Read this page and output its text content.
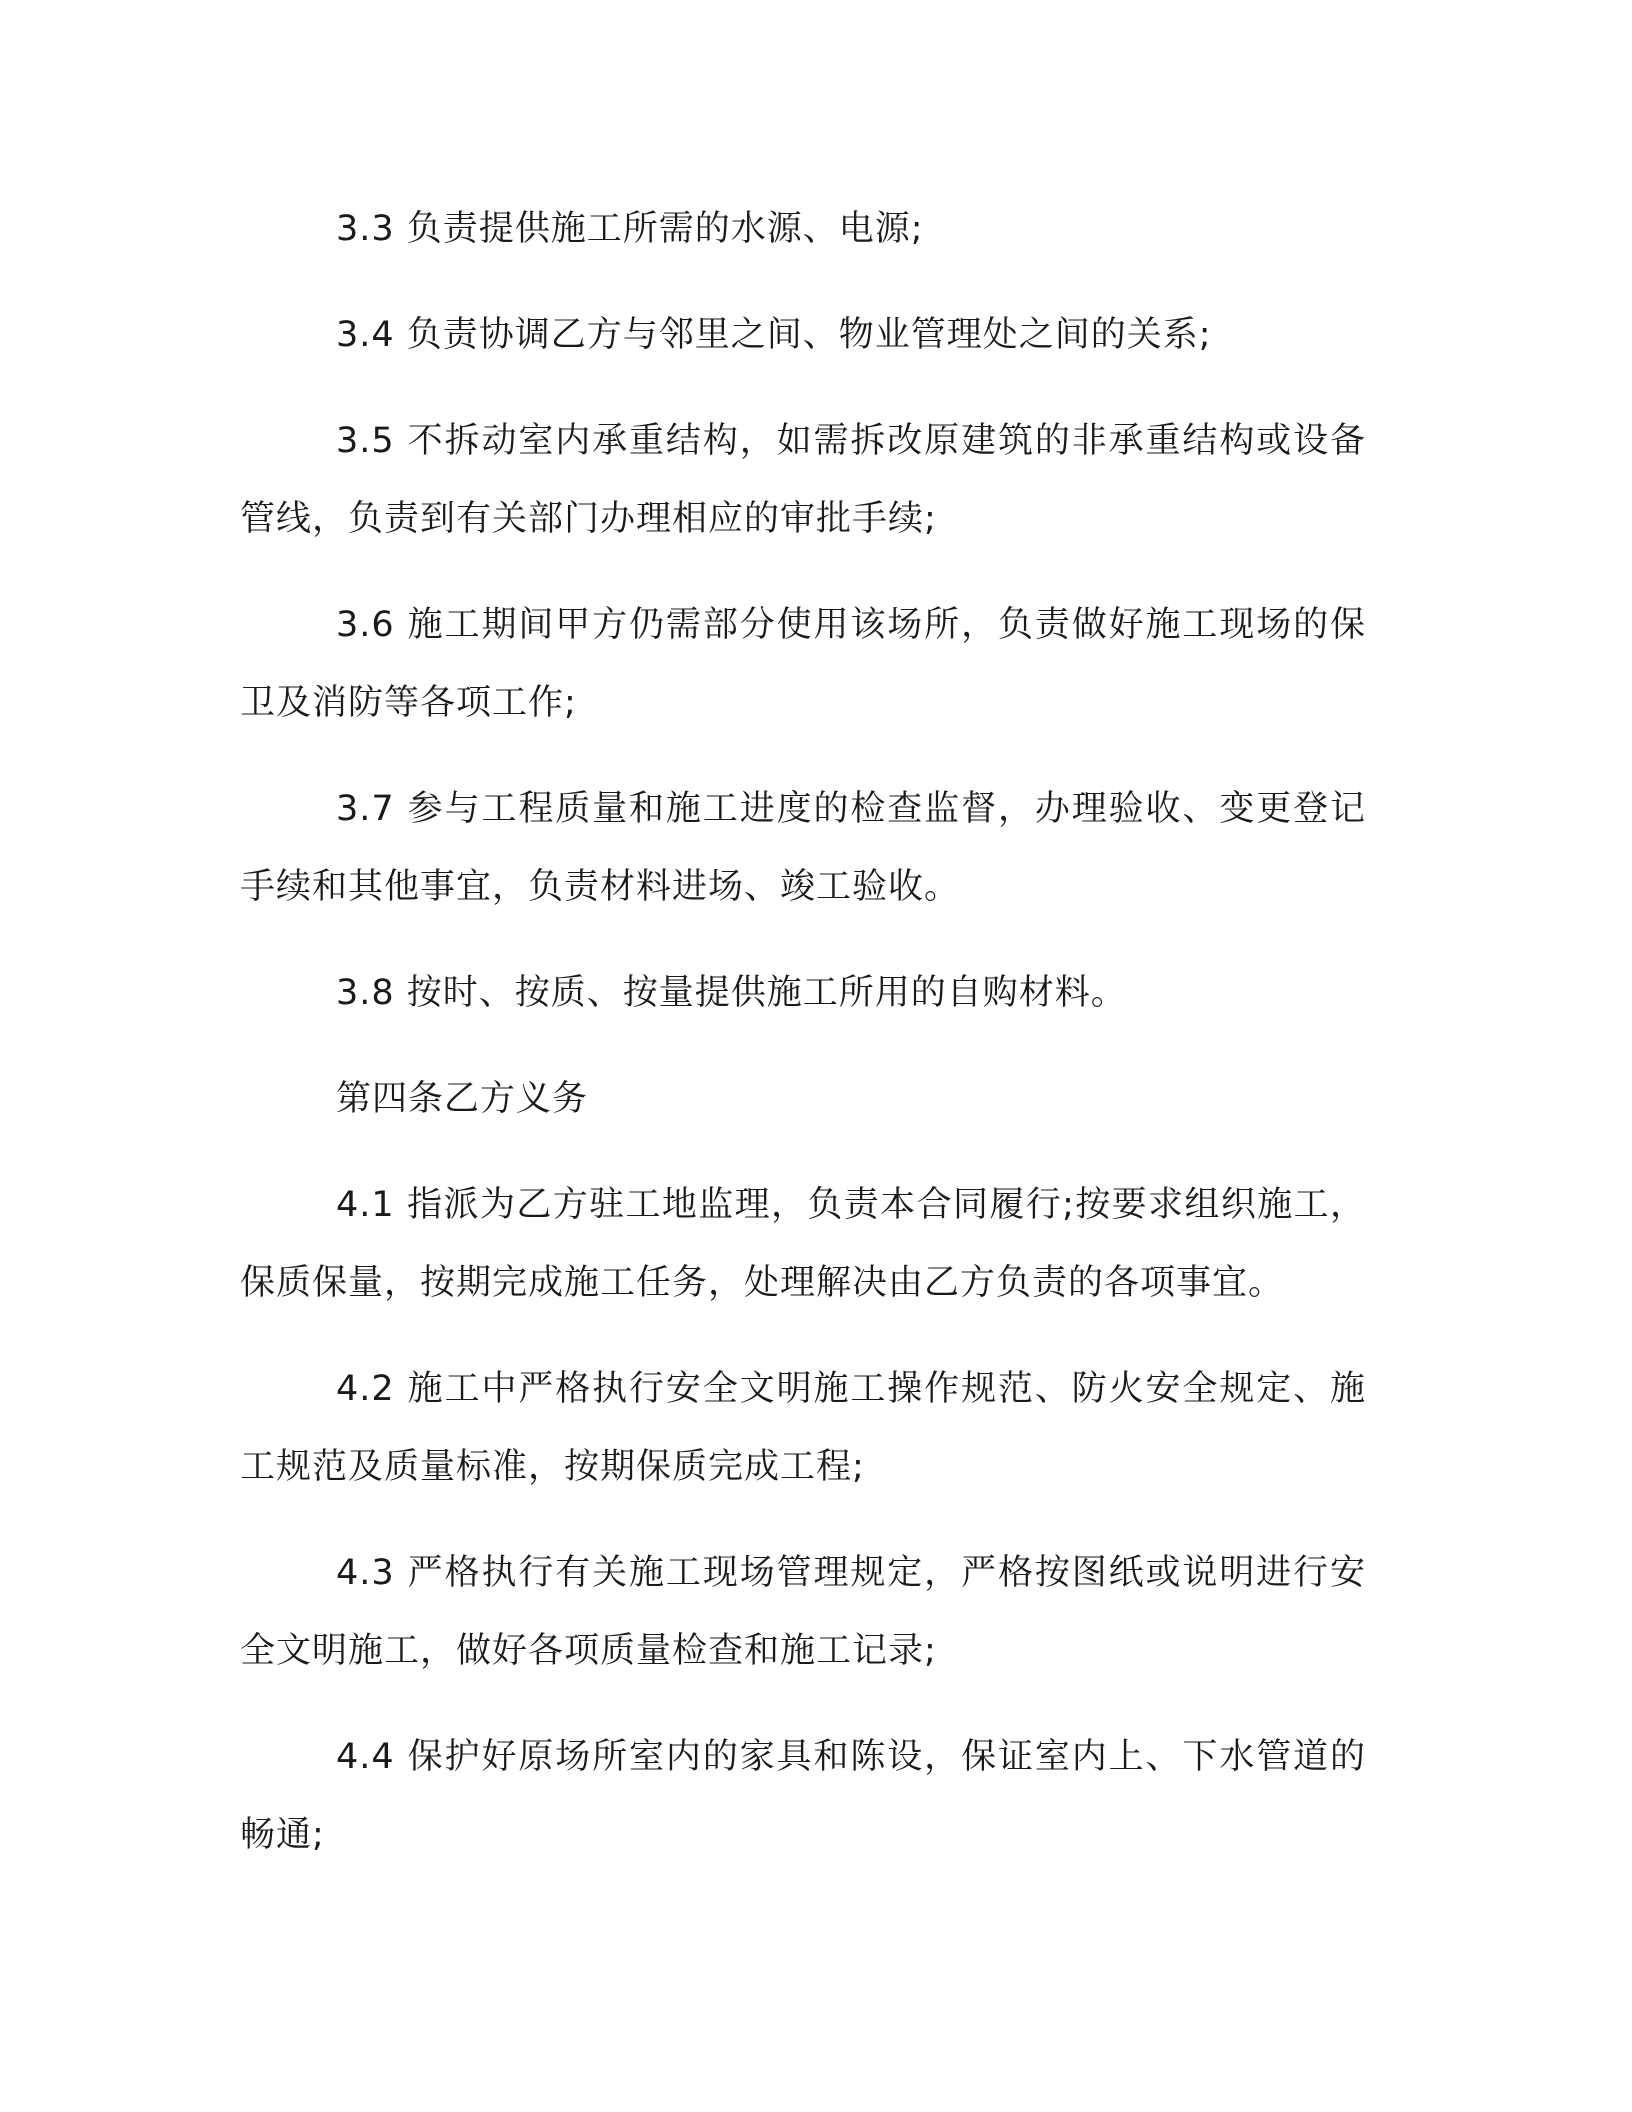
3.3 负责提供施工所需的水源、电源;

3.4 负责协调乙方与邻里之间、物业管理处之间的关系;

3.5 不拆动室内承重结构，如需拆改原建筑的非承重结构或设备管线，负责到有关部门办理相应的审批手续;

3.6 施工期间甲方仍需部分使用该场所，负责做好施工现场的保卫及消防等各项工作;

3.7 参与工程质量和施工进度的检查监督，办理验收、变更登记手续和其他事宜，负责材料进场、竣工验收。

3.8 按时、按质、按量提供施工所用的自购材料。

第四条乙方义务

4.1 指派为乙方驻工地监理，负责本合同履行;按要求组织施工，保质保量，按期完成施工任务，处理解决由乙方负责的各项事宜。

4.2 施工中严格执行安全文明施工操作规范、防火安全规定、施工规范及质量标准，按期保质完成工程;

4.3 严格执行有关施工现场管理规定，严格按图纸或说明进行安全文明施工，做好各项质量检查和施工记录;

4.4 保护好原场所室内的家具和陈设，保证室内上、下水管道的畅通;
